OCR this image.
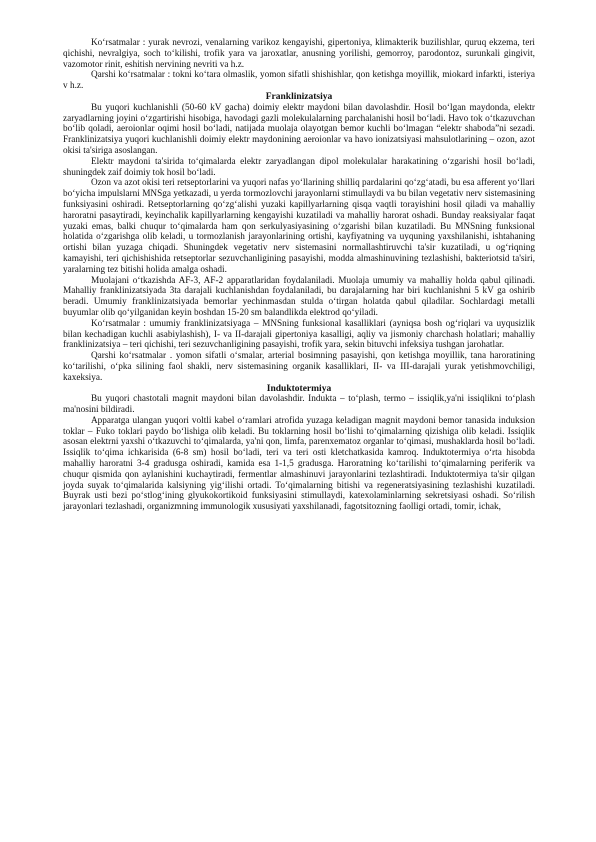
Ko‘rsatmalar : yurak nevrozi, venalarning varikoz kengayishi, gipertoniya, klimakterik buzilishlar, quruq ekzema, teri qichishi, nevralgiya, soch to‘kilishi, trofik yara va jaroxatlar, anusning yorilishi, gemorroy, parodontoz, surunkali gingivit, vazomotor rinit, eshitish nervining nevriti va h.z.

Qarshi ko‘rsatmalar : tokni ko‘tara olmaslik, yomon sifatli shishishlar, qon ketishga moyillik, miokard infarkti, isteriya v h.z.

Franklinizatsiya

Bu yuqori kuchlanishli (50-60 kV gacha) doimiy elektr maydoni bilan davolashdir. Hosil bo‘lgan maydonda, elektr zaryadlarning joyini o‘zgartirishi hisobiga, havodagi gazli molekulalarning parchalanishi hosil bo‘ladi. Havo tok o‘tkazuvchan bo‘lib qoladi, aeroionlar oqimi hosil bo‘ladi, natijada muolaja olayotgan bemor kuchli bo‘lmagan “elektr shaboda”ni sezadi. Franklinizatsiya yuqori kuchlanishli doimiy elektr maydonining aeroionlar va havo ionizatsiyasi mahsulotlarining – ozon, azot okisi ta'siriga asoslangan.

Elektr maydoni ta'sirida to‘qimalarda elektr zaryadlangan dipol molekulalar harakatining o‘zgarishi hosil bo‘ladi, shuningdek zaif doimiy tok hosil bo‘ladi.

Ozon va azot okisi teri retseptorlarini va yuqori nafas yo‘llarining shilliq pardalarini qo‘zg‘atadi, bu esa afferent yo‘llari bo‘yicha impulslarni MNSga yetkazadi, u yerda tormozlovchi jarayonlarni stimullaydi va bu bilan vegetativ nerv sistemasining funksiyasini oshiradi. Retseptorlarning qo‘zg‘alishi yuzaki kapillyarlarning qisqa vaqtli torayishini hosil qiladi va mahalliy haroratni pasaytiradi, keyinchalik kapillyarlarning kengayishi kuzatiladi va mahalliy harorat oshadi. Bunday reaksiyalar faqat yuzaki emas, balki chuqur to‘qimalarda ham qon serkulyasiyasining o‘zgarishi bilan kuzatiladi. Bu MNSning funksional holatida o‘zgarishga olib keladi, u tormozlanish jarayonlarining ortishi, kayfiyatning va uyquning yaxshilanishi, ishtahaning ortishi bilan yuzaga chiqadi. Shuningdek vegetativ nerv sistemasini normallashtiruvchi ta'sir kuzatiladi, u og‘riqning kamayishi, teri qichishishida retseptorlar sezuvchanligining pasayishi, modda almashinuvining tezlashishi, bakteriotsid ta'siri, yaralarning tez bitishi holida amalga oshadi.

Muolajani o‘tkazishda AF-3, AF-2 apparatlaridan foydalaniladi. Muolaja umumiy va mahalliy holda qabul qilinadi. Mahalliy franklinizatsiyada 3ta darajali kuchlanishdan foydalaniladi, bu darajalarning har biri kuchlanishni 5 kV ga oshirib beradi. Umumiy franklinizatsiyada bemorlar yechinmasdan stulda o‘tirgan holatda qabul qiladilar. Sochlardagi metalli buyumlar olib qo‘yilganidan keyin boshdan 15-20 sm balandlikda elektrod qo‘yiladi.

Ko‘rsatmalar : umumiy franklinizatsiyaga – MNSning funksional kasalliklari (ayniqsa bosh og‘riqlari va uyqusizlik bilan kechadigan kuchli asabiylashish), I- va II-darajali gipertoniya kasalligi, aqliy va jismoniy charchash holatlari; mahalliy franklinizatsiya – teri qichishi, teri sezuvchanligining pasayishi, trofik yara, sekin bituvchi infeksiya tushgan jarohatlar.

Qarshi ko‘rsatmalar . yomon sifatli o‘smalar, arterial bosimning pasayishi, qon ketishga moyillik, tana haroratining ko‘tarilishi, o‘pka silining faol shakli, nerv sistemasining organik kasalliklari, II- va III-darajali yurak yetishmovchiligi, kaxeksiya.

Induktotermiya

Bu yuqori chastotali magnit maydoni bilan davolashdir. Indukta – to‘plash, termo – issiqlik,ya'ni issiqlikni to‘plash ma'nosini bildiradi.

Apparatga ulangan yuqori voltli kabel o‘ramlari atrofida yuzaga keladigan magnit maydoni bemor tanasida induksion toklar – Fuko toklari paydo bo‘lishiga olib keladi. Bu toklarning hosil bo‘lishi to‘qimalarning qizishiga olib keladi. Issiqlik asosan elektrni yaxshi o‘tkazuvchi to‘qimalarda, ya'ni qon, limfa, parenxematoz organlar to‘qimasi, mushaklarda hosil bo‘ladi. Issiqlik to‘qima ichkarisida (6-8 sm) hosil bo‘ladi, teri va teri osti kletchatkasida kamroq. Induktotermiya o‘rta hisobda mahalliy haroratni 3-4 gradusga oshiradi, kamida esa 1-1,5 gradusga. Haroratning ko‘tarilishi to‘qimalarning periferik va chuqur qismida qon aylanishini kuchaytiradi, fermentlar almashinuvi jarayonlarini tezlashtiradi. Induktotermiya ta'sir qilgan joyda suyak to‘qimalarida kalsiyning yig‘ilishi ortadi. To‘qimalarning bitishi va regeneratsiyasining tezlashishi kuzatiladi. Buyrak usti bezi po‘stlog‘ining glyukokortikoid funksiyasini stimullaydi, katexolaminlarning sekretsiyasi oshadi. So‘rilish jarayonlari tezlashadi, organizmning immunologik xususiyati yaxshilanadi, fagotsitozning faolligi ortadi, tomir, ichak,
